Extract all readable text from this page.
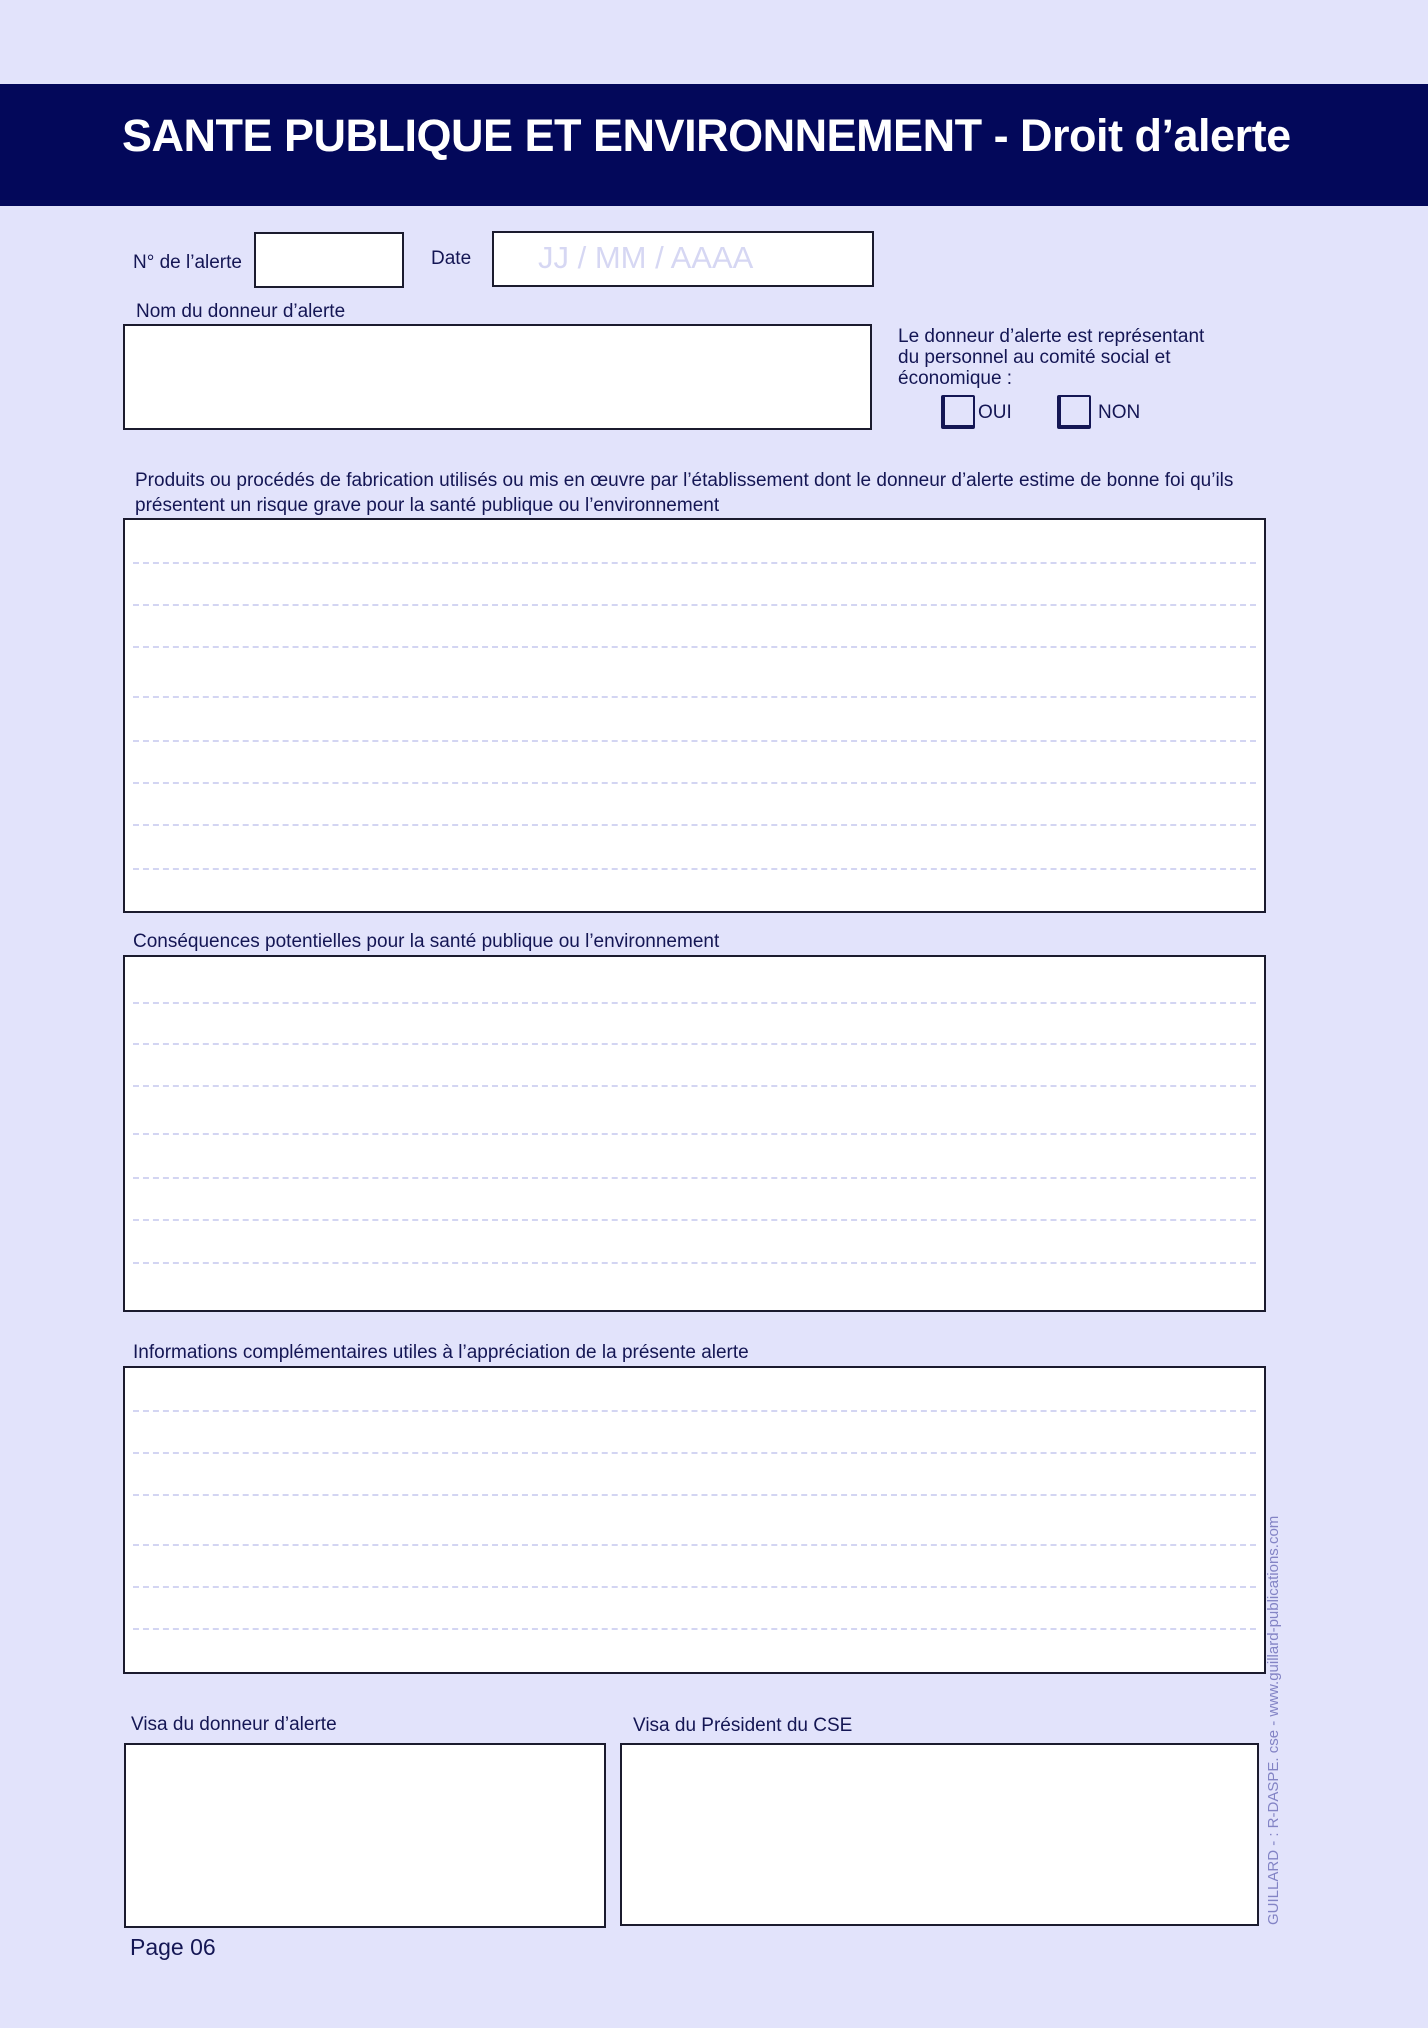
SANTE PUBLIQUE ET ENVIRONNEMENT - Droit d’alerte
N° de l’alerte	Date	JJ / MM / AAAA
Nom du donneur d’alerte
Le donneur d’alerte est représentant
du personnel au comité social et
économique :
OUI	NON
Produits ou procédés de fabrication utilisés ou mis en œuvre par l’établissement dont le donneur d’alerte estime de bonne foi qu’ils
présentent un risque grave pour la santé publique ou l’environnement
Conséquences potentielles pour la santé publique ou l’environnement
Informations complémentaires utiles à l’appréciation de la présente alerte
Visa du donneur d’alerte	Visa du Président du CSE
Page 06
GUILLARD - : R-DASPE. cse - www.guillard-publications.com
